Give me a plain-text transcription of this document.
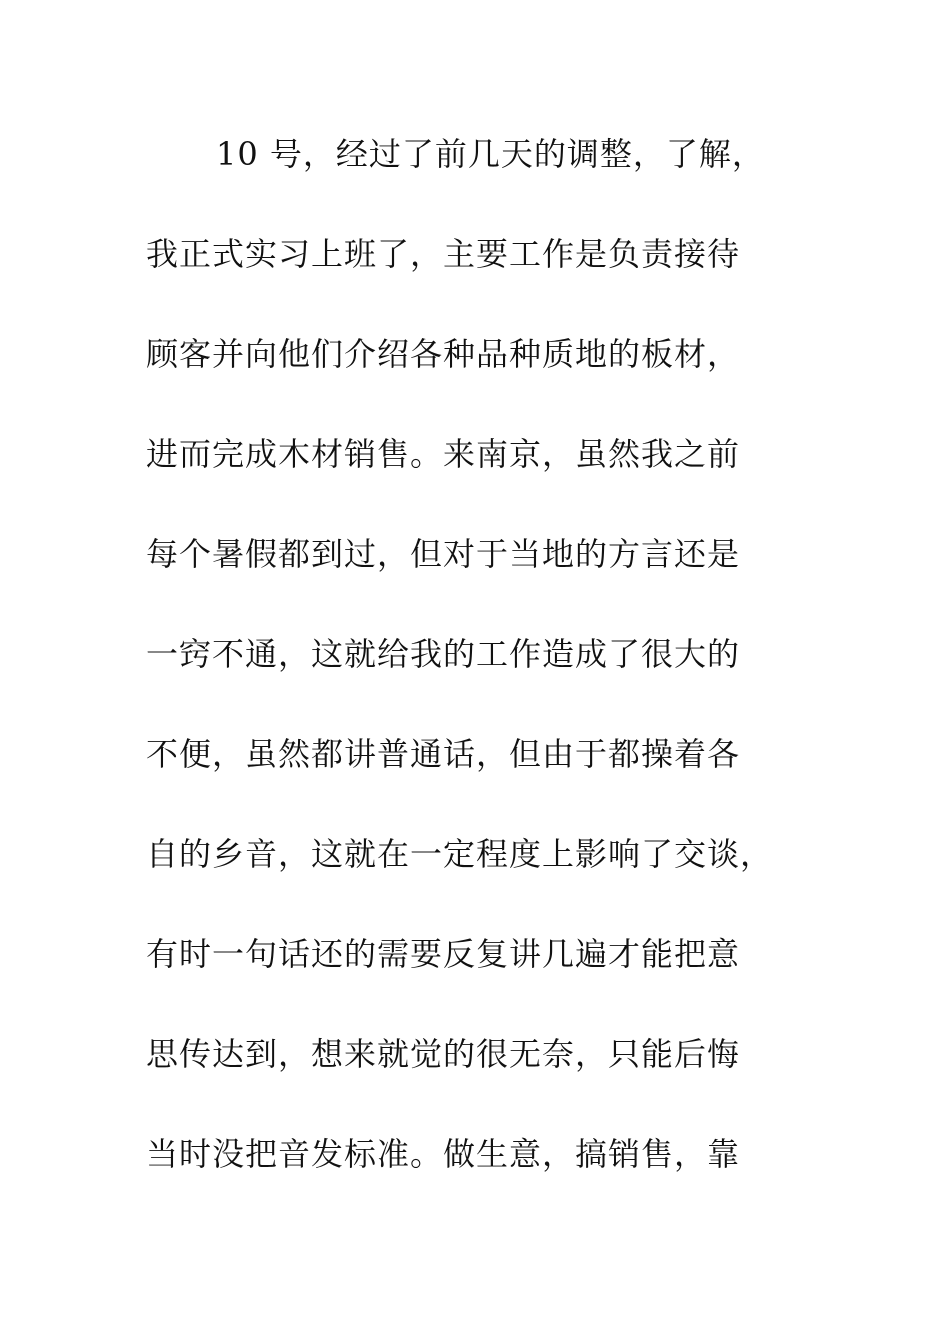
10 号，经过了前几天的调整，了解，
我正式实习上班了，主要工作是负责接待
顾客并向他们介绍各种品种质地的板材，
进而完成木材销售。来南京，虽然我之前
每个暑假都到过，但对于当地的方言还是
一窍不通，这就给我的工作造成了很大的
不便，虽然都讲普通话，但由于都操着各
自的乡音，这就在一定程度上影响了交谈，
有时一句话还的需要反复讲几遍才能把意
思传达到，想来就觉的很无奈，只能后悔
当时没把音发标准。做生意，搞销售，靠
